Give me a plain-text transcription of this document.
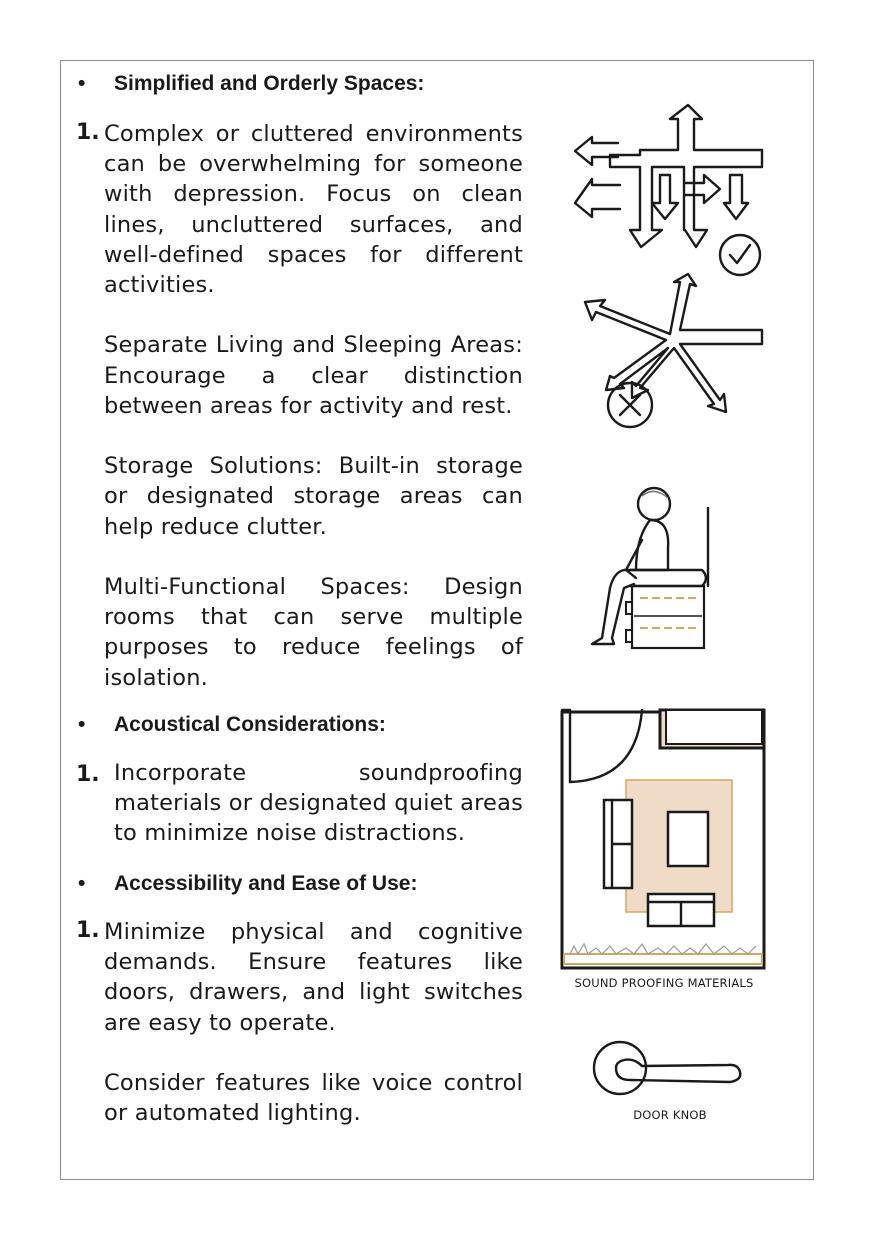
• Simplified and Orderly Spaces:
1. Complex or cluttered environments can be overwhelming for someone with depression. Focus on clean lines, uncluttered surfaces, and well-defined spaces for different activities.

Separate Living and Sleeping Areas: Encourage a clear distinction between areas for activity and rest.

Storage Solutions: Built-in storage or designated storage areas can help reduce clutter.

Multi-Functional Spaces: Design rooms that can serve multiple purposes to reduce feelings of isolation.

• Acoustical Considerations:
1. Incorporate soundproofing materials or designated quiet areas to minimize noise distractions.

• Accessibility and Ease of Use:
1. Minimize physical and cognitive demands. Ensure features like doors, drawers, and light switches are easy to operate.

Consider features like voice control or automated lighting.

SOUND PROOFING MATERIALS
DOOR KNOB
